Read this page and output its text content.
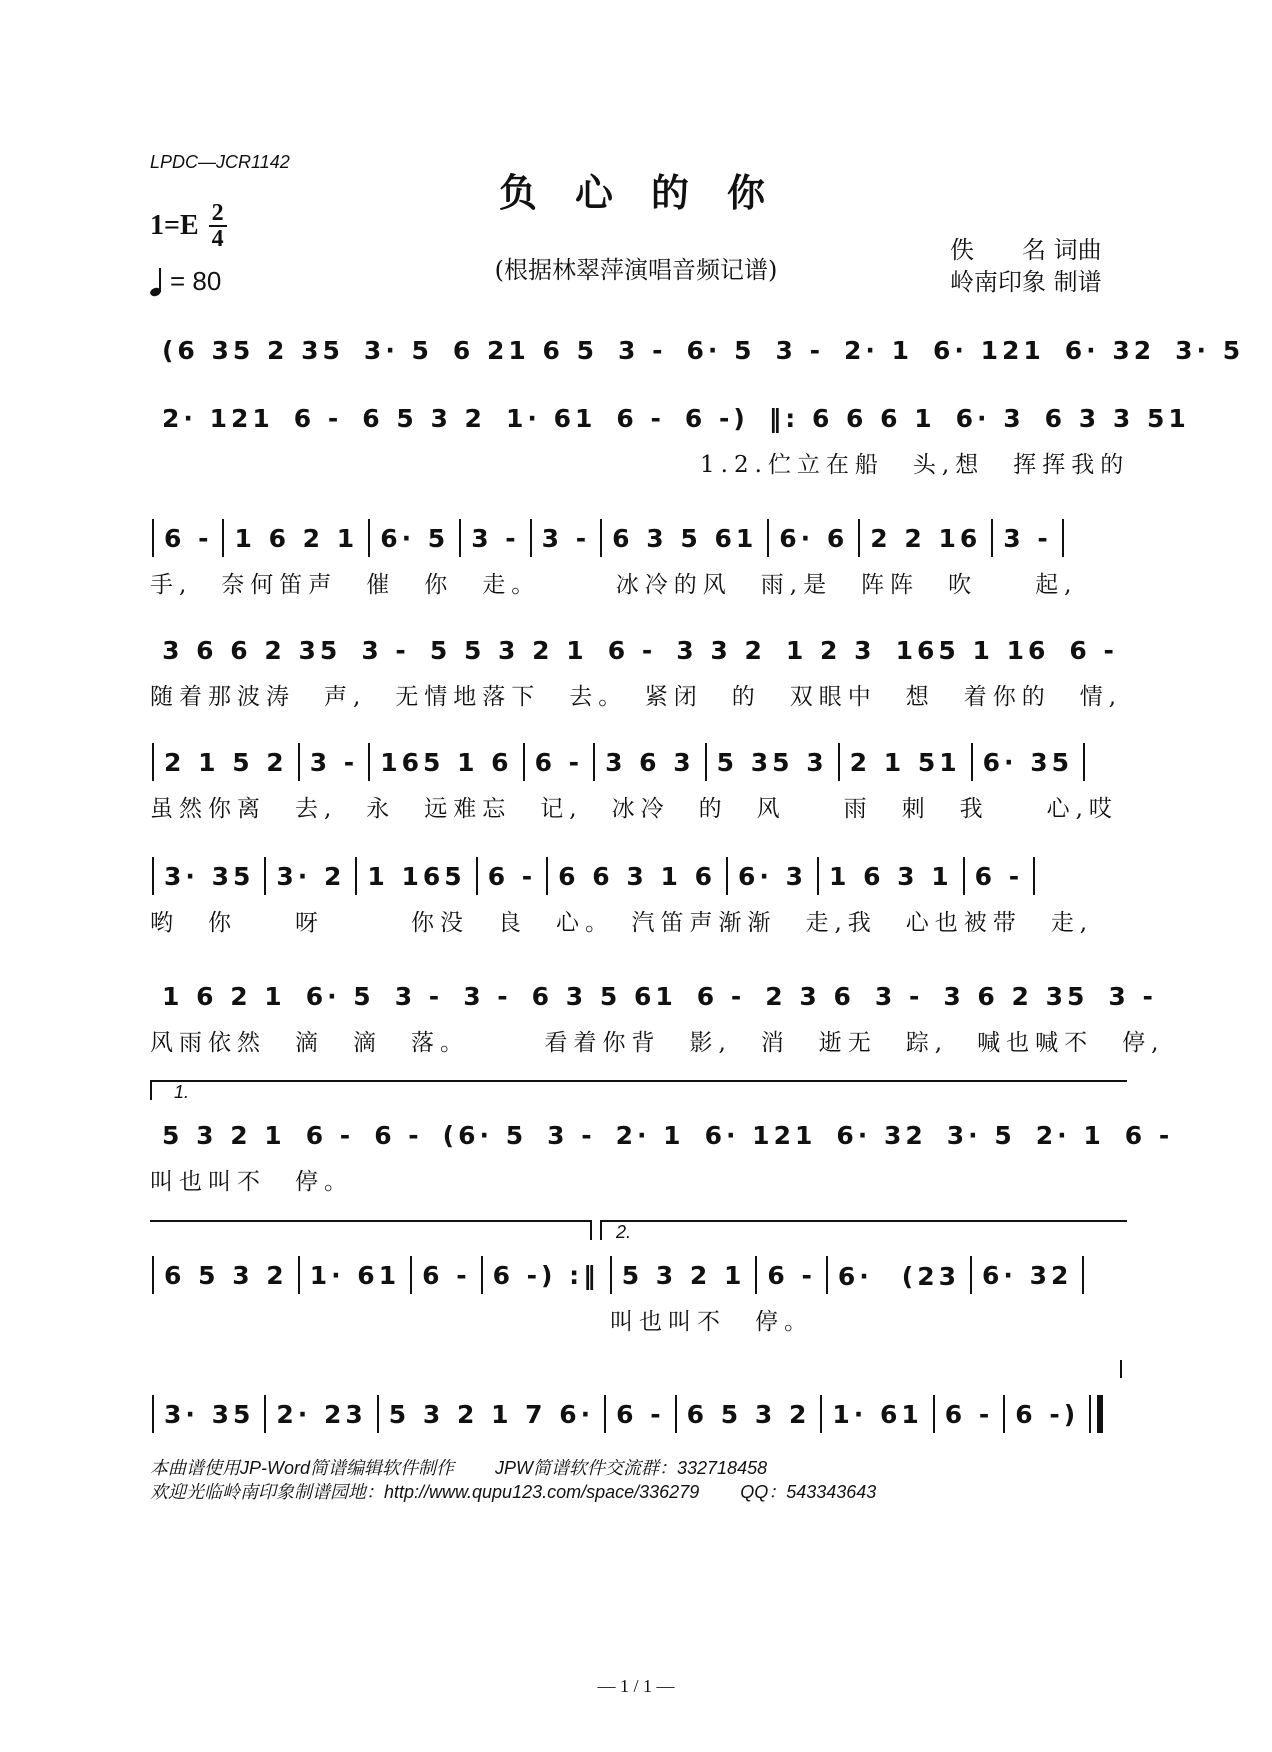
LPDC—JCR1142
负心的你
1=E 2
4
= 80	(根据林翠萍演唱音频记谱)
佚　　名 词曲
岭南印象 制谱
(6 35 2 35 3· 5 6 21 6 5 3 - 6· 5 3 - 2· 1 6· 121 6· 32 3· 5
2· 121 6 - 6 5 3 2 1· 61 6 - 6 -) ‖: 6 6 6 1 6· 3 6 3 3 51
1.2.伫立在船　头,想　挥挥我的
6 - 1 6 2 1 6· 5 3 - 3 - 6 3 5 61 6· 6 2 2 16 3 -
手,　奈何笛声　催　你　走。　　　冰冷的风　雨,是　阵阵　吹　　起,
3 6 6 2 35 3 - 5 5 3 2 1 6 - 3 3 2 1 2 3 165 1 16 6 -
随着那波涛　声,　无情地落下　去。　紧闭　的　双眼中　想　着你的　情,
2 1 5 2 3 - 165 1 6 6 - 3 6 3 5 35 3 2 1 51 6· 35
虽然你离　去,　永　远难忘　记,　冰冷　的　风　　雨　刺　我　　心,哎
3· 35 3· 2 1 165 6 - 6 6 3 1 6 6· 3 1 6 3 1 6 -
哟　你　　呀　　　你没　良　心。　汽笛声渐渐　走,我　心也被带　走,
1 6 2 1 6· 5 3 - 3 - 6 3 5 61 6 - 2 3 6 3 - 3 6 2 35 3 -
风雨依然　滴　滴　落。　　　看着你背　影,　消　逝无　踪,　喊也喊不　停,
5 3 2 1 6 - 6 - (6· 5 3 - 2· 1 6· 121 6· 32 3· 5 2· 1 6 -
叫也叫不　停。
6 5 3 2 1· 61 6 - 6 -) :‖ 5 3 2 1 6 - 6·　(23 6· 32
叫也叫不　停。
3· 35 2· 23 5 3 2 1 7 6· 6 - 6 5 3 2 1· 61 6 - 6 -)
1.
2.
本曲谱使用JP-Word简谱编辑软件制作　　 JPW简谱软件交流群：332718458
欢迎光临岭南印象制谱园地：http://www.qupu123.com/space/336279　　 QQ：543343643
— 1 / 1 —
